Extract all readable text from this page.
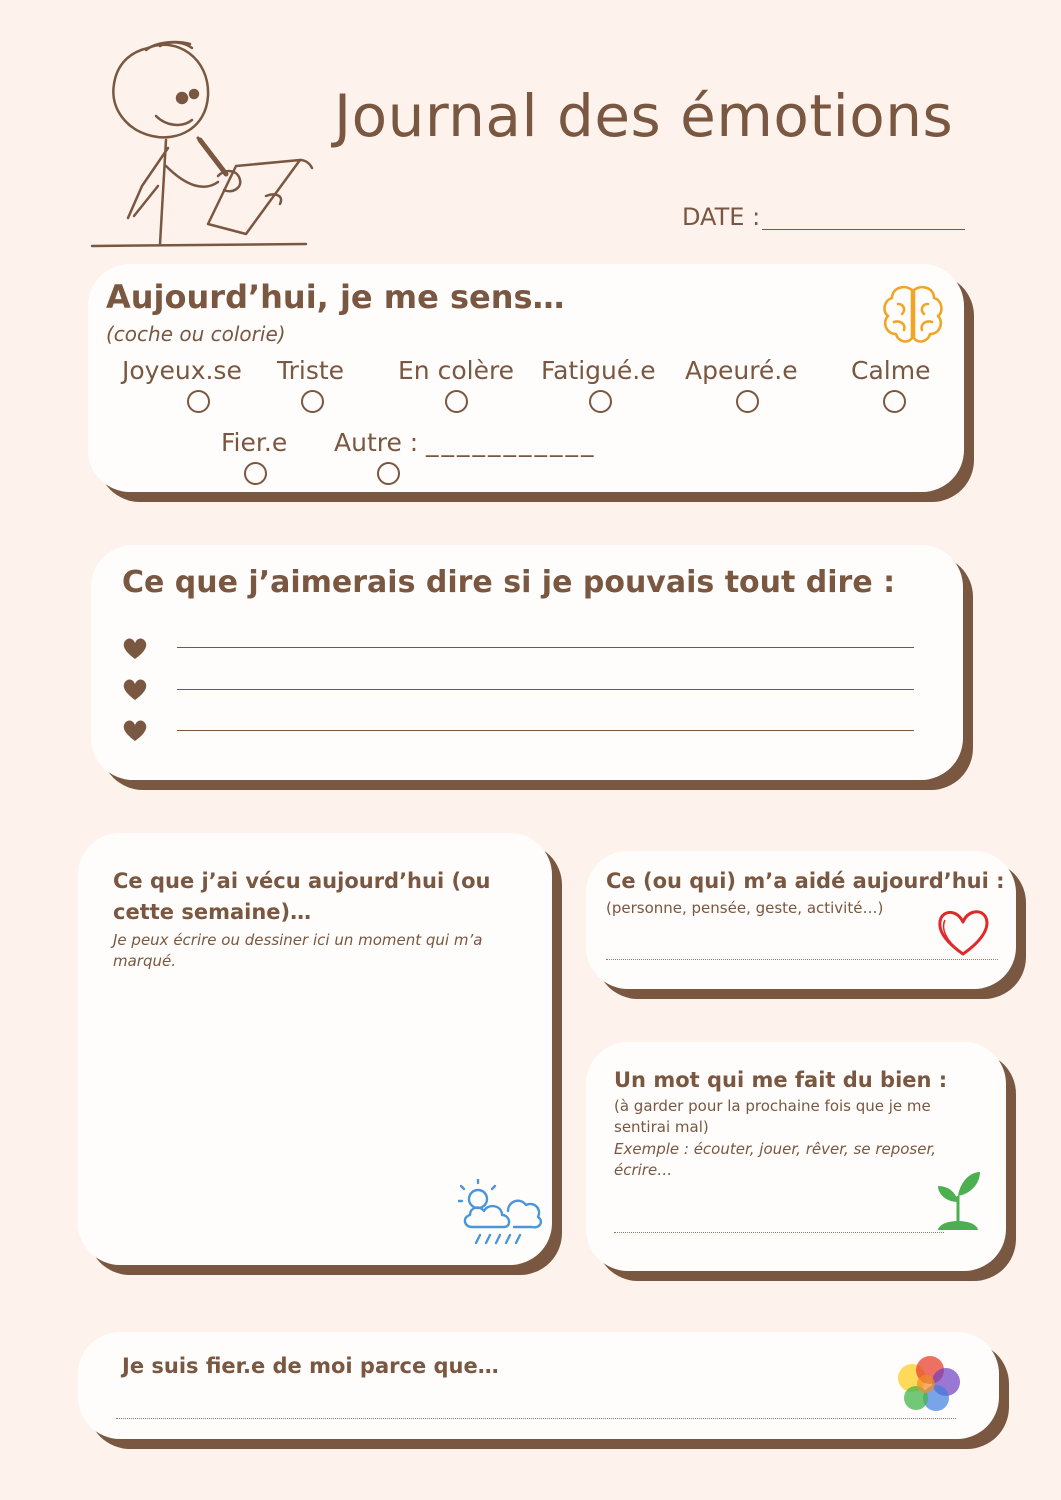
Journal des émotions
DATE :
Aujourd’hui, je me sens…
(coche ou colorie)
Joyeux.se Triste En colère Fatigué.e Apeuré.e Calme
Fier.e Autre : ___________
Ce que j’aimerais dire si je pouvais tout dire :
Ce que j’ai vécu aujourd’hui (ou
cette semaine)…
Je peux écrire ou dessiner ici un moment qui m’a
marqué.
Ce (ou qui) m’a aidé aujourd’hui :
(personne, pensée, geste, activité…)
Un mot qui me fait du bien :
(à garder pour la prochaine fois que je me
sentirai mal)
Exemple : écouter, jouer, rêver, se reposer,
écrire…
Je suis fier.e de moi parce que…
